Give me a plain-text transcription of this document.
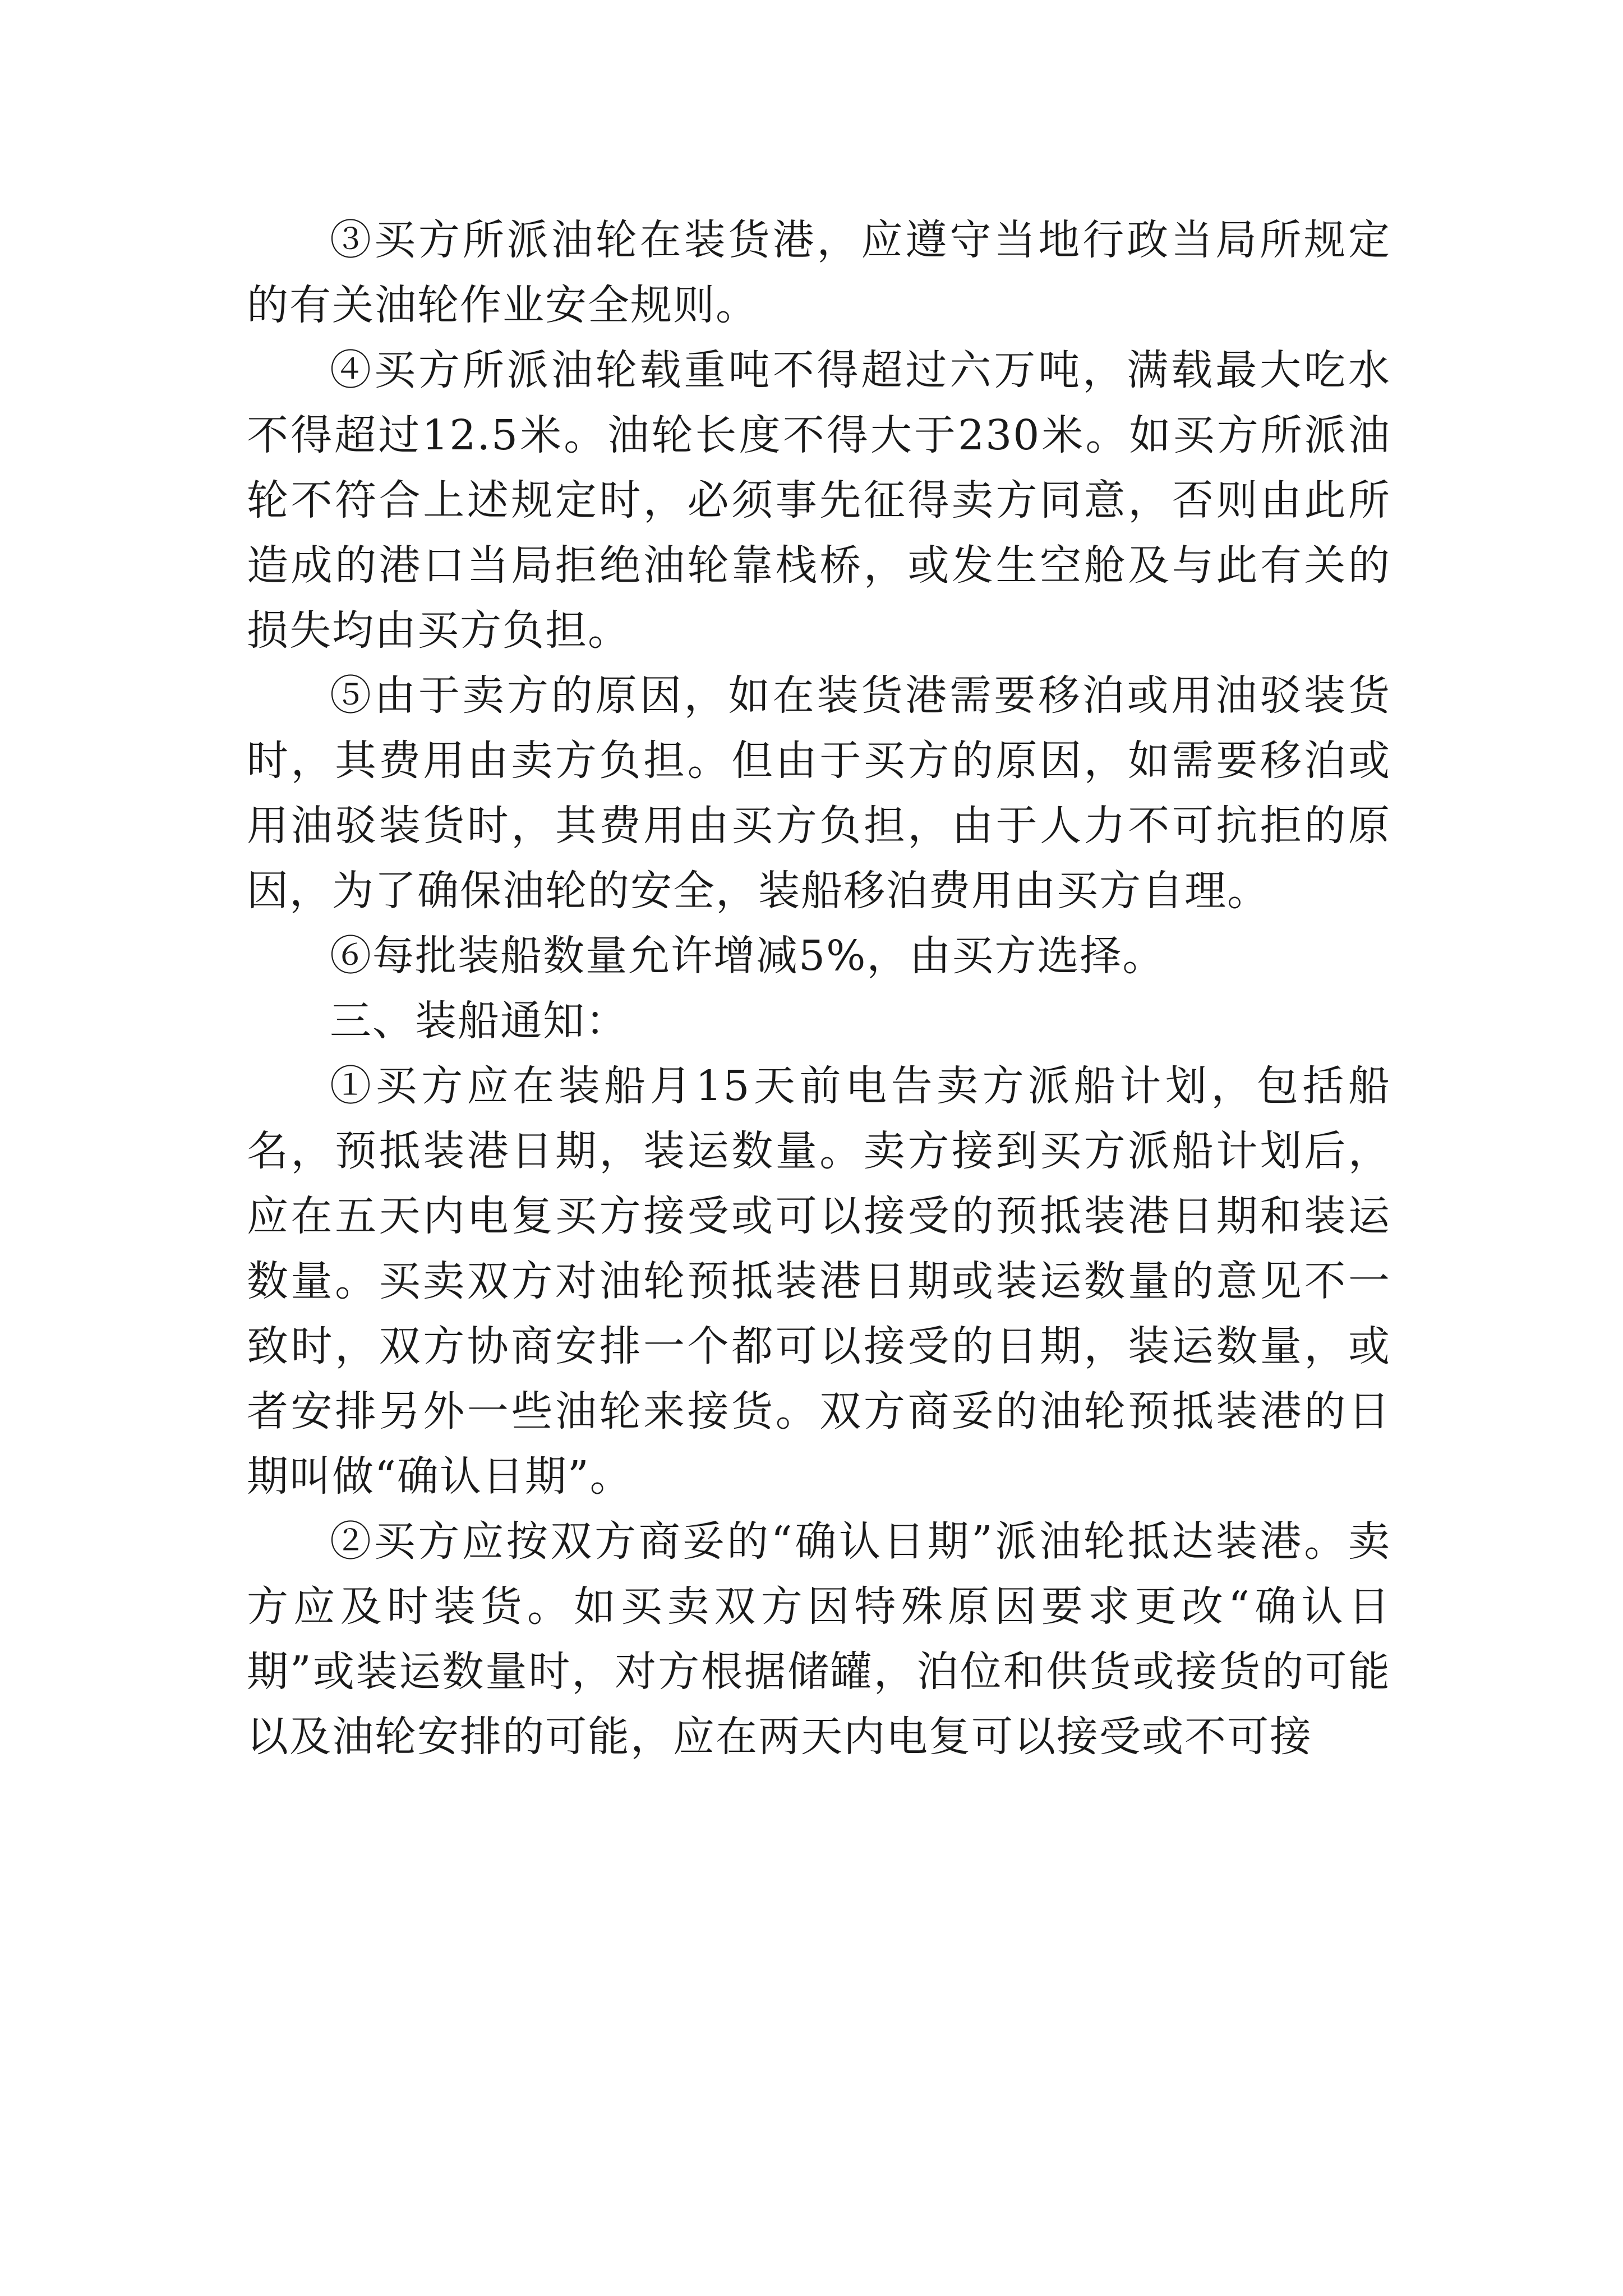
③买方所派油轮在装货港，应遵守当地行政当局所规定的有关油轮作业安全规则。

④买方所派油轮载重吨不得超过六万吨，满载最大吃水不得超过12.5米。油轮长度不得大于230米。如买方所派油轮不符合上述规定时，必须事先征得卖方同意，否则由此所造成的港口当局拒绝油轮靠栈桥，或发生空舱及与此有关的损失均由买方负担。

⑤由于卖方的原因，如在装货港需要移泊或用油驳装货时，其费用由卖方负担。但由于买方的原因，如需要移泊或用油驳装货时，其费用由买方负担，由于人力不可抗拒的原因，为了确保油轮的安全，装船移泊费用由买方自理。

⑥每批装船数量允许增减5%，由买方选择。

三、装船通知：

①买方应在装船月15天前电告卖方派船计划，包括船名，预抵装港日期，装运数量。卖方接到买方派船计划后，应在五天内电复买方接受或可以接受的预抵装港日期和装运数量。买卖双方对油轮预抵装港日期或装运数量的意见不一致时，双方协商安排一个都可以接受的日期，装运数量，或者安排另外一些油轮来接货。双方商妥的油轮预抵装港的日期叫做“确认日期”。

②买方应按双方商妥的“确认日期”派油轮抵达装港。卖方应及时装货。如买卖双方因特殊原因要求更改“确认日期”或装运数量时，对方根据储罐，泊位和供货或接货的可能以及油轮安排的可能，应在两天内电复可以接受或不可接
